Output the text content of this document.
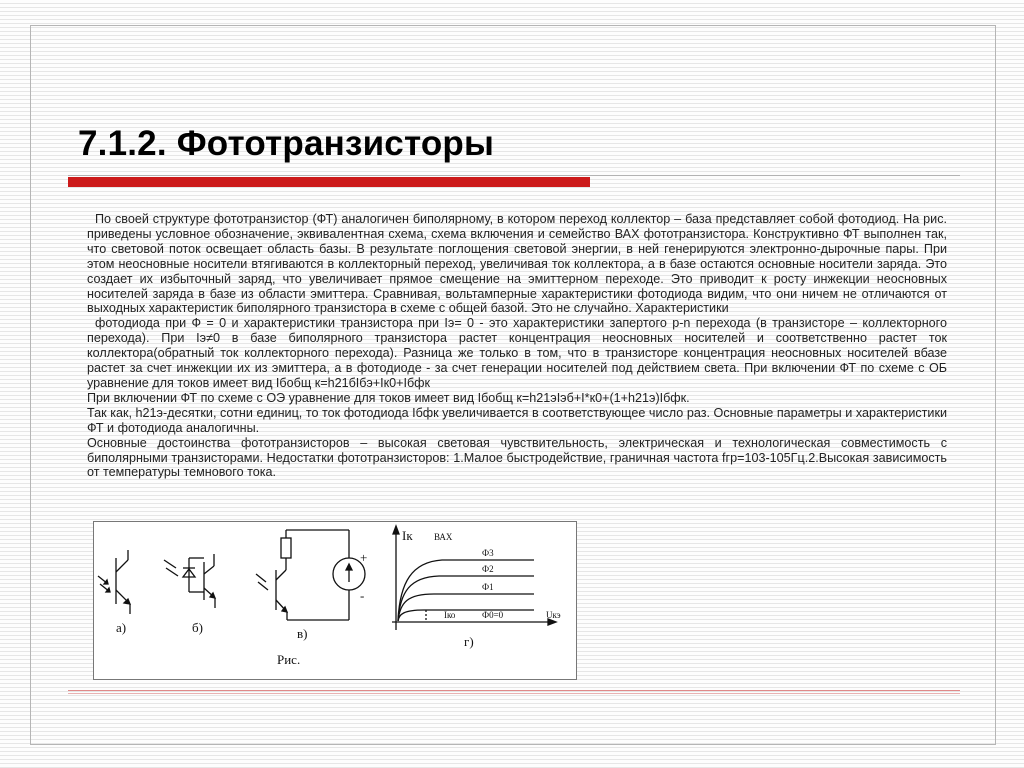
7.1.2. Фототранзисторы

По своей структуре фототранзистор (ФТ) аналогичен биполярному, в котором переход коллектор – база представляет собой фотодиод. На рис. приведены условное обозначение, эквивалентная схема, схема включения и семейство ВАХ фототранзистора. Конструктивно ФТ выполнен так, что световой поток освещает область базы. В результате поглощения световой энергии, в ней генерируются электронно-дырочные пары. При этом неосновные носители втягиваются в коллекторный переход, увеличивая ток коллектора, а в базе остаются основные носители заряда. Это создает их избыточный заряд, что увеличивает прямое смещение на эмиттерном переходе. Это приводит к росту инжекции неосновных носителей заряда в базе из области эмиттера. Сравнивая, вольтамперные характеристики фотодиода видим, что они ничем не отличаются от выходных характеристик биполярного транзистора в схеме с общей базой. Это не случайно. Характеристики

фотодиода при Ф = 0 и характеристики транзистора при Iэ= 0 - это характеристики запертого p-n перехода (в транзисторе – коллекторного перехода). При Iэ≠0 в базе биполярного транзистора растет концентрация неосновных носителей и соответственно растет ток коллектора(обратный ток коллекторного перехода). Разница же только в том, что в транзисторе концентрация неосновных носителей вбазе растет за счет инжекции их из эмиттера, а в фотодиоде - за счет генерации носителей под действием света. При включении ФТ по схеме с ОБ уравнение для токов имеет вид Iбобщ к=h21бIбэ+Iк0+Iбфк

При включении ФТ по схеме с ОЭ уравнение для токов имеет вид Iбобщ к=h21эIэб+I*к0+(1+h21э)Iбфк.

Так как, h21э-десятки, сотни единиц, то ток фотодиода Iбфк увеличивается в соответствующее число раз. Основные параметры и характеристики ФТ и фотодиода аналогичны.

Основные достоинства фототранзисторов – высокая световая чувствительность, электрическая и технологическая совместимость с биполярными транзисторами. Недостатки фототранзисторов: 1.Малое быстродействие, граничная частота fгр=103-105Гц.2.Высокая зависимость от температуры темнового тока.

а)	б)	в)
г)
Рис.
Iк ВАХ
Uкэ
Ф3
Ф2
Ф1
Ф0=0
Iко
+
-
